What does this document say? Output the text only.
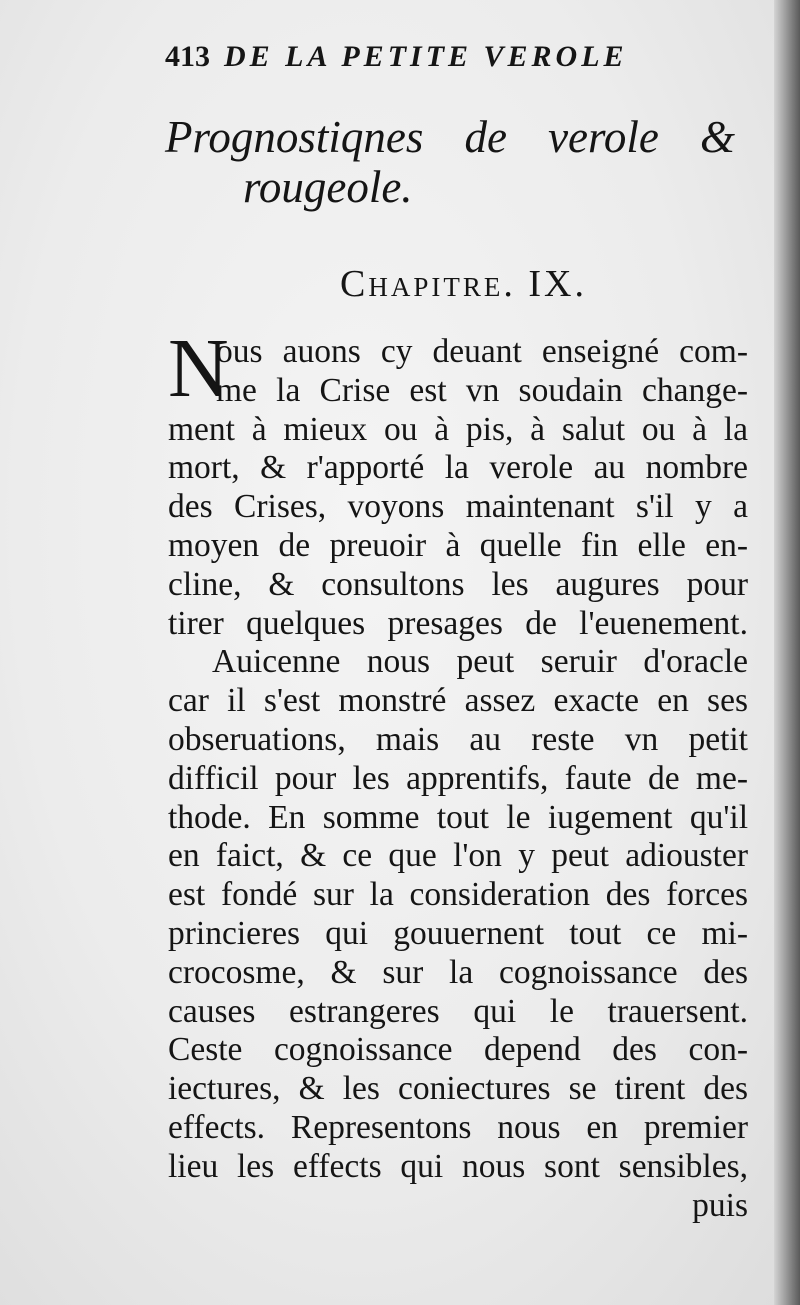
413 DE LA PETITE VEROLE
Prognostiqnes de verole &
rougeole.
Chapitre. IX.
N
ous auons cy deuant enseigné com-
me la Crise est vn soudain change-
ment à mieux ou à pis, à salut ou à la
mort, & r'apporté la verole au nombre
des Crises, voyons maintenant s'il y a
moyen de preuoir à quelle fin elle en-
cline, & consultons les augures pour
tirer quelques presages de l'euenement.
Auicenne nous peut seruir d'oracle
car il s'est monstré assez exacte en ses
obseruations, mais au reste vn petit
difficil pour les apprentifs, faute de me-
thode. En somme tout le iugement qu'il
en faict, & ce que l'on y peut adiouster
est fondé sur la consideration des forces
princieres qui gouuernent tout ce mi-
crocosme, & sur la cognoissance des
causes estrangeres qui le trauersent.
Ceste cognoissance depend des con-
iectures, & les coniectures se tirent des
effects. Representons nous en premier
lieu les effects qui nous sont sensibles,
puis
